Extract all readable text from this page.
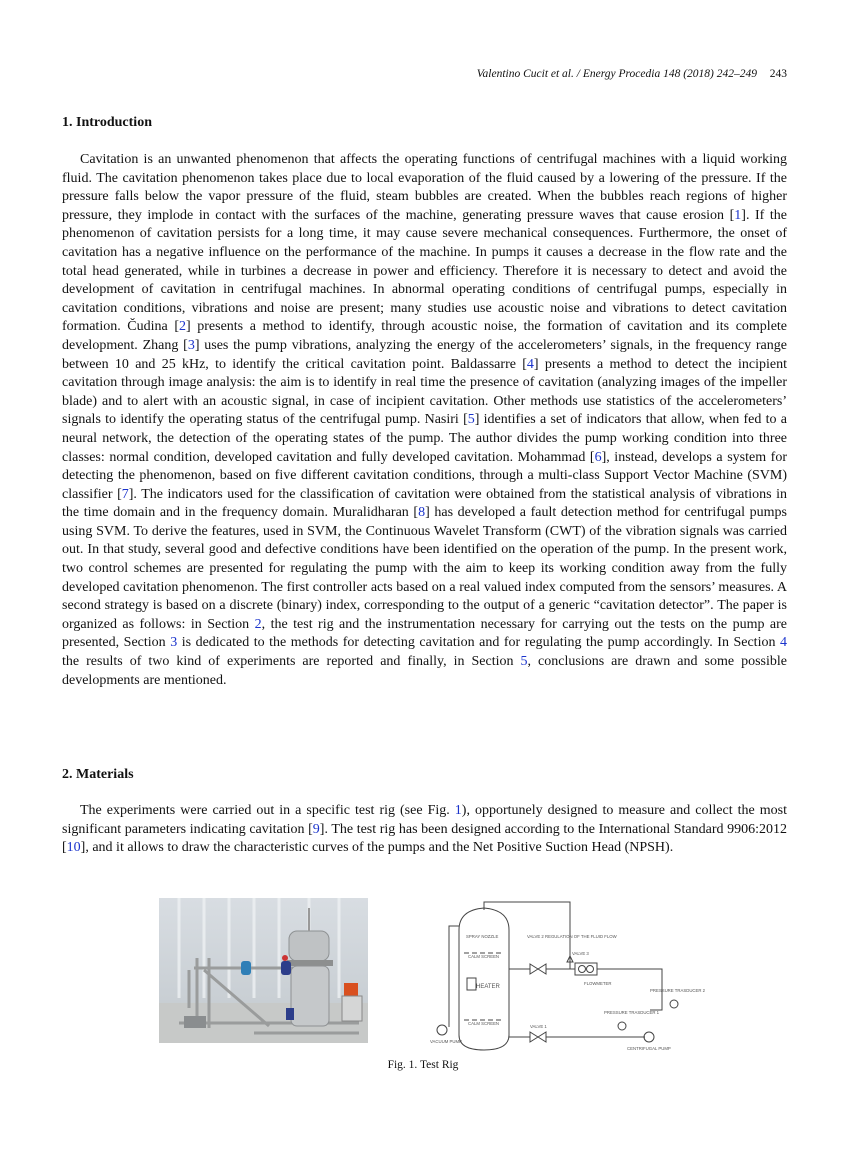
Valentino Cucit et al. / Energy Procedia 148 (2018) 242–249	243
1. Introduction

Cavitation is an unwanted phenomenon that affects the operating functions of centrifugal machines with a liquid working fluid. The cavitation phenomenon takes place due to local evaporation of the fluid caused by a lowering of the pressure. If the pressure falls below the vapor pressure of the fluid, steam bubbles are created. When the bubbles reach regions of higher pressure, they implode in contact with the surfaces of the machine, generating pressure waves that cause erosion [1]. If the phenomenon of cavitation persists for a long time, it may cause severe mechanical consequences. Furthermore, the onset of cavitation has a negative influence on the performance of the machine. In pumps it causes a decrease in the flow rate and the total head generated, while in turbines a decrease in power and efficiency. Therefore it is necessary to detect and avoid the development of cavitation in centrifugal machines. In abnormal operating conditions of centrifugal pumps, especially in cavitation conditions, vibrations and noise are present; many studies use acoustic noise and vibrations to detect cavitation formation. Čudina [2] presents a method to identify, through acoustic noise, the formation of cavitation and its complete development. Zhang [3] uses the pump vibrations, analyzing the energy of the accelerometers’ signals, in the frequency range between 10 and 25 kHz, to identify the critical cavitation point. Baldassarre [4] presents a method to detect the incipient cavitation through image analysis: the aim is to identify in real time the presence of cavitation (analyzing images of the impeller blade) and to alert with an acoustic signal, in case of incipient cavitation. Other methods use statistics of the accelerometers’ signals to identify the operating status of the centrifugal pump. Nasiri [5] identifies a set of indicators that allow, when fed to a neural network, the detection of the operating states of the pump. The author divides the pump working condition into three classes: normal condition, developed cavitation and fully developed cavitation. Mohammad [6], instead, develops a system for detecting the phenomenon, based on five different cavitation conditions, through a multi-class Support Vector Machine (SVM) classifier [7]. The indicators used for the classification of cavitation were obtained from the statistical analysis of vibrations in the time domain and in the frequency domain. Muralidharan [8] has developed a fault detection method for centrifugal pumps using SVM. To derive the features, used in SVM, the Continuous Wavelet Transform (CWT) of the vibration signals was carried out. In that study, several good and defective conditions have been identified on the operation of the pump. In the present work, two control schemes are presented for regulating the pump with the aim to keep its working condition away from the fully developed cavitation phenomenon. The first controller acts based on a real valued index computed from the sensors’ measures. A second strategy is based on a discrete (binary) index, corresponding to the output of a generic “cavitation detector”. The paper is organized as follows: in Section 2, the test rig and the instrumentation necessary for carrying out the tests on the pump are presented, Section 3 is dedicated to the methods for detecting cavitation and for regulating the pump accordingly. In Section 4 the results of two kind of experiments are reported and finally, in Section 5, conclusions are drawn and some possible developments are mentioned.

2. Materials

The experiments were carried out in a specific test rig (see Fig. 1), opportunely designed to measure and collect the most significant parameters indicating cavitation [9]. The test rig has been designed according to the International Standard 9906:2012 [10], and it allows to draw the characteristic curves of the pumps and the Net Positive Suction Head (NPSH).

SPRAY NOZZLE
CALM SCREEN
HEATER
CALM SCREEN
VACUUM PUMP
VALVE 2 REGULATION OF THE FLUID FLOW
VALVE 3
FLOWMETER
PRESSURE TRASDUCER 2
PRESSURE TRASDUCER 1
VALVE 1
CENTRIFUGAL PUMP
Fig. 1. Test Rig
